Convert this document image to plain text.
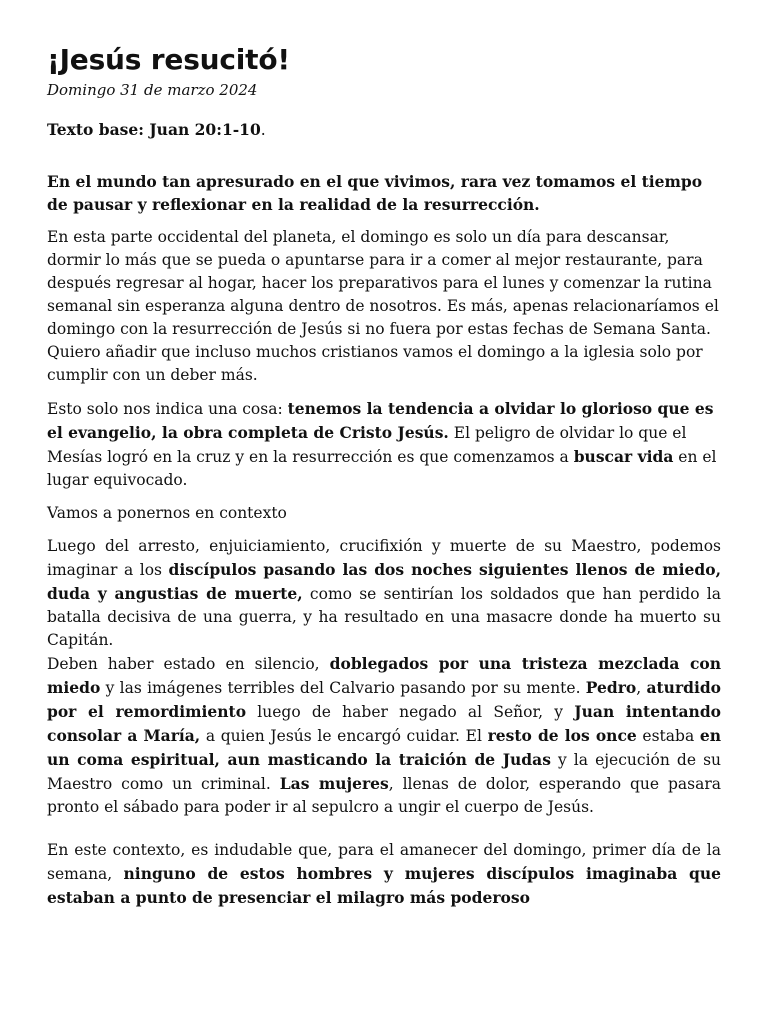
¡Jesús resucitó!

Domingo 31 de marzo 2024

Texto base: Juan 20:1-10.

En el mundo tan apresurado en el que vivimos, rara vez tomamos el tiempo de pausar y reflexionar en la realidad de la resurrección.

En esta parte occidental del planeta, el domingo es solo un día para descansar, dormir lo más que se pueda o apuntarse para ir a comer al mejor restaurante, para después regresar al hogar, hacer los preparativos para el lunes y comenzar la rutina semanal sin esperanza alguna dentro de nosotros. Es más, apenas relacionaríamos el domingo con la resurrección de Jesús si no fuera por estas fechas de Semana Santa. Quiero añadir que incluso muchos cristianos vamos el domingo a la iglesia solo por cumplir con un deber más.

Esto solo nos indica una cosa: tenemos la tendencia a olvidar lo glorioso que es el evangelio, la obra completa de Cristo Jesús. El peligro de olvidar lo que el Mesías logró en la cruz y en la resurrección es que comenzamos a buscar vida en el lugar equivocado.

Vamos a ponernos en contexto

Luego del arresto, enjuiciamiento, crucifixión y muerte de su Maestro, podemos imaginar a los discípulos pasando las dos noches siguientes llenos de miedo, duda y angustias de muerte, como se sentirían los soldados que han perdido la batalla decisiva de una guerra, y ha resultado en una masacre donde ha muerto su Capitán.

Deben haber estado en silencio, doblegados por una tristeza mezclada con miedo y las imágenes terribles del Calvario pasando por su mente. Pedro, aturdido por el remordimiento luego de haber negado al Señor, y Juan intentando consolar a María, a quien Jesús le encargó cuidar. El resto de los once estaba en un coma espiritual, aun masticando la traición de Judas y la ejecución de su Maestro como un criminal. Las mujeres, llenas de dolor, esperando que pasara pronto el sábado para poder ir al sepulcro a ungir el cuerpo de Jesús.

En este contexto, es indudable que, para el amanecer del domingo, primer día de la semana, ninguno de estos hombres y mujeres discípulos imaginaba que estaban a punto de presenciar el milagro más poderoso
